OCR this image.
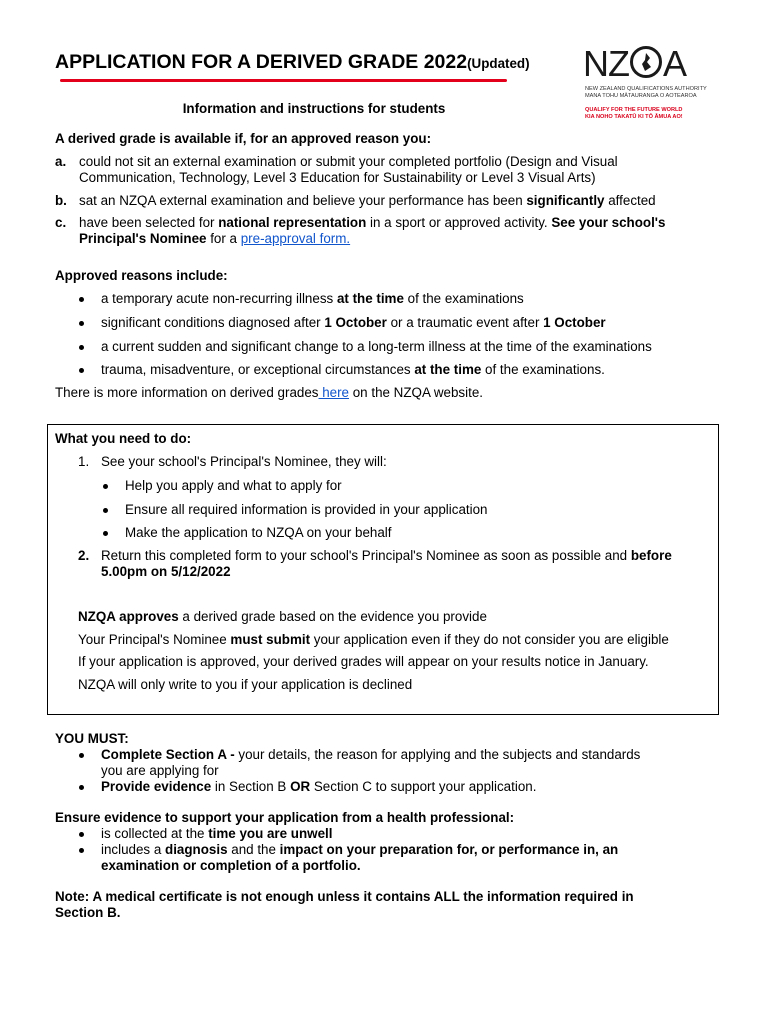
APPLICATION FOR A DERIVED GRADE 2022(Updated) NZ A
NEW ZEALAND QUALIFICATIONS AUTHORITY
MANA TOHU MĀTAURANGA O AOTEAROA
QUALIFY FOR THE FUTURE WORLD
KIA NOHO TAKATŪ KI TŌ ĀMUA AO!
Information and instructions for students
A derived grade is available if, for an approved reason you:
a. could not sit an external examination or submit your completed portfolio (Design and Visual
Communication, Technology, Level 3 Education for Sustainability or Level 3 Visual Arts)
b. sat an NZQA external examination and believe your performance has been significantly affected
c. have been selected for national representation in a sport or approved activity. See your school's
Principal's Nominee for a pre-approval form.
Approved reasons include:
a temporary acute non-recurring illness at the time of the examinations
significant conditions diagnosed after 1 October or a traumatic event after 1 October
a current sudden and significant change to a long-term illness at the time of the examinations
trauma, misadventure, or exceptional circumstances at the time of the examinations.
There is more information on derived grades here on the NZQA website.
What you need to do:
1. See your school's Principal's Nominee, they will:
Help you apply and what to apply for
Ensure all required information is provided in your application
Make the application to NZQA on your behalf
2. Return this completed form to your school's Principal's Nominee as soon as possible and before
5.00pm on 5/12/2022
NZQA approves a derived grade based on the evidence you provide
Your Principal's Nominee must submit your application even if they do not consider you are eligible
If your application is approved, your derived grades will appear on your results notice in January.
NZQA will only write to you if your application is declined
YOU MUST:
Complete Section A - your details, the reason for applying and the subjects and standards
you are applying for
Provide evidence in Section B OR Section C to support your application.
Ensure evidence to support your application from a health professional:
is collected at the time you are unwell
includes a diagnosis and the impact on your preparation for, or performance in, an
examination or completion of a portfolio.
Note: A medical certificate is not enough unless it contains ALL the information required in
Section B.
